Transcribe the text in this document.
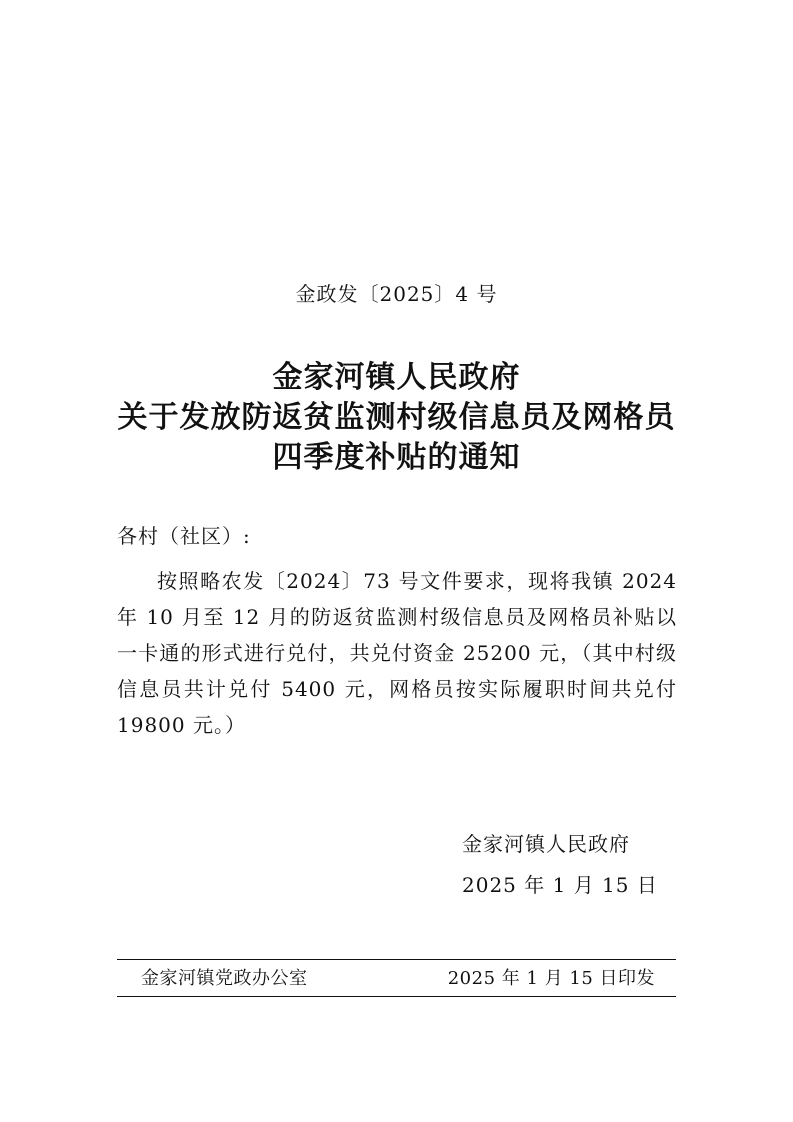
金政发〔2025〕4 号
金家河镇人民政府
关于发放防返贫监测村级信息员及网格员
四季度补贴的通知
各村（社区）:

按照略农发〔2024〕73 号文件要求，现将我镇 2024 年 10 月至 12 月的防返贫监测村级信息员及网格员补贴以一卡通的形式进行兑付，共兑付资金 25200 元，（其中村级信息员共计兑付 5400 元，网格员按实际履职时间共兑付 19800 元。）

金家河镇人民政府
2025 年 1 月 15 日
金家河镇党政办公室	2025 年 1 月 15 日印发
